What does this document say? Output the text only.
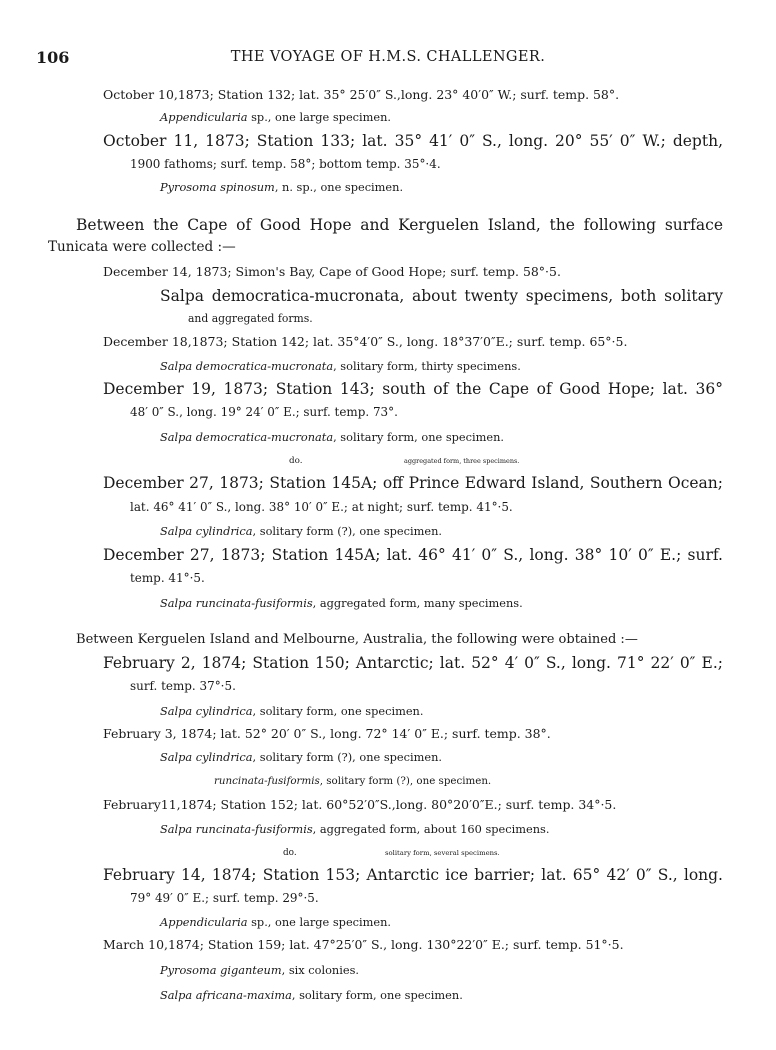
106	THE VOYAGE OF H.M.S. CHALLENGER.
October 10,1873; Station 132; lat. 35° 25′0″ S.,long. 23° 40′0″ W.; surf. temp. 58°.
Appendicularia sp., one large specimen.
October 11, 1873; Station 133; lat. 35° 41′ 0″ S., long. 20° 55′ 0″ W.; depth,
1900 fathoms; surf. temp. 58°; bottom temp. 35°·4.
Pyrosoma spinosum, n. sp., one specimen.
Between the Cape of Good Hope and Kerguelen Island, the following surface
Tunicata were collected :—
December 14, 1873; Simon's Bay, Cape of Good Hope; surf. temp. 58°·5.
Salpa democratica-mucronata, about twenty specimens, both solitary
and aggregated forms.
December 18,1873; Station 142; lat. 35°4′0″ S., long. 18°37′0″E.; surf. temp. 65°·5.
Salpa democratica-mucronata, solitary form, thirty specimens.
December 19, 1873; Station 143; south of the Cape of Good Hope; lat. 36°
48′ 0″ S., long. 19° 24′ 0″ E.; surf. temp. 73°.
Salpa democratica-mucronata, solitary form, one specimen.
do.	aggregated form, three specimens.
December 27, 1873; Station 145A; off Prince Edward Island, Southern Ocean;
lat. 46° 41′ 0″ S., long. 38° 10′ 0″ E.; at night; surf. temp. 41°·5.
Salpa cylindrica, solitary form (?), one specimen.
December 27, 1873; Station 145A; lat. 46° 41′ 0″ S., long. 38° 10′ 0″ E.; surf.
temp. 41°·5.
Salpa runcinata-fusiformis, aggregated form, many specimens.
Between Kerguelen Island and Melbourne, Australia, the following were obtained :—
February 2, 1874; Station 150; Antarctic; lat. 52° 4′ 0″ S., long. 71° 22′ 0″ E.;
surf. temp. 37°·5.
Salpa cylindrica, solitary form, one specimen.
February 3, 1874; lat. 52° 20′ 0″ S., long. 72° 14′ 0″ E.; surf. temp. 38°.
Salpa cylindrica, solitary form (?), one specimen.
runcinata-fusiformis, solitary form (?), one specimen.
February11,1874; Station 152; lat. 60°52′0″S.,long. 80°20′0″E.; surf. temp. 34°·5.
Salpa runcinata-fusiformis, aggregated form, about 160 specimens.
do.	solitary form, several specimens.
February 14, 1874; Station 153; Antarctic ice barrier; lat. 65° 42′ 0″ S., long.
79° 49′ 0″ E.; surf. temp. 29°·5.
Appendicularia sp., one large specimen.
March 10,1874; Station 159; lat. 47°25′0″ S., long. 130°22′0″ E.; surf. temp. 51°·5.
Pyrosoma giganteum, six colonies.
Salpa africana-maxima, solitary form, one specimen.
